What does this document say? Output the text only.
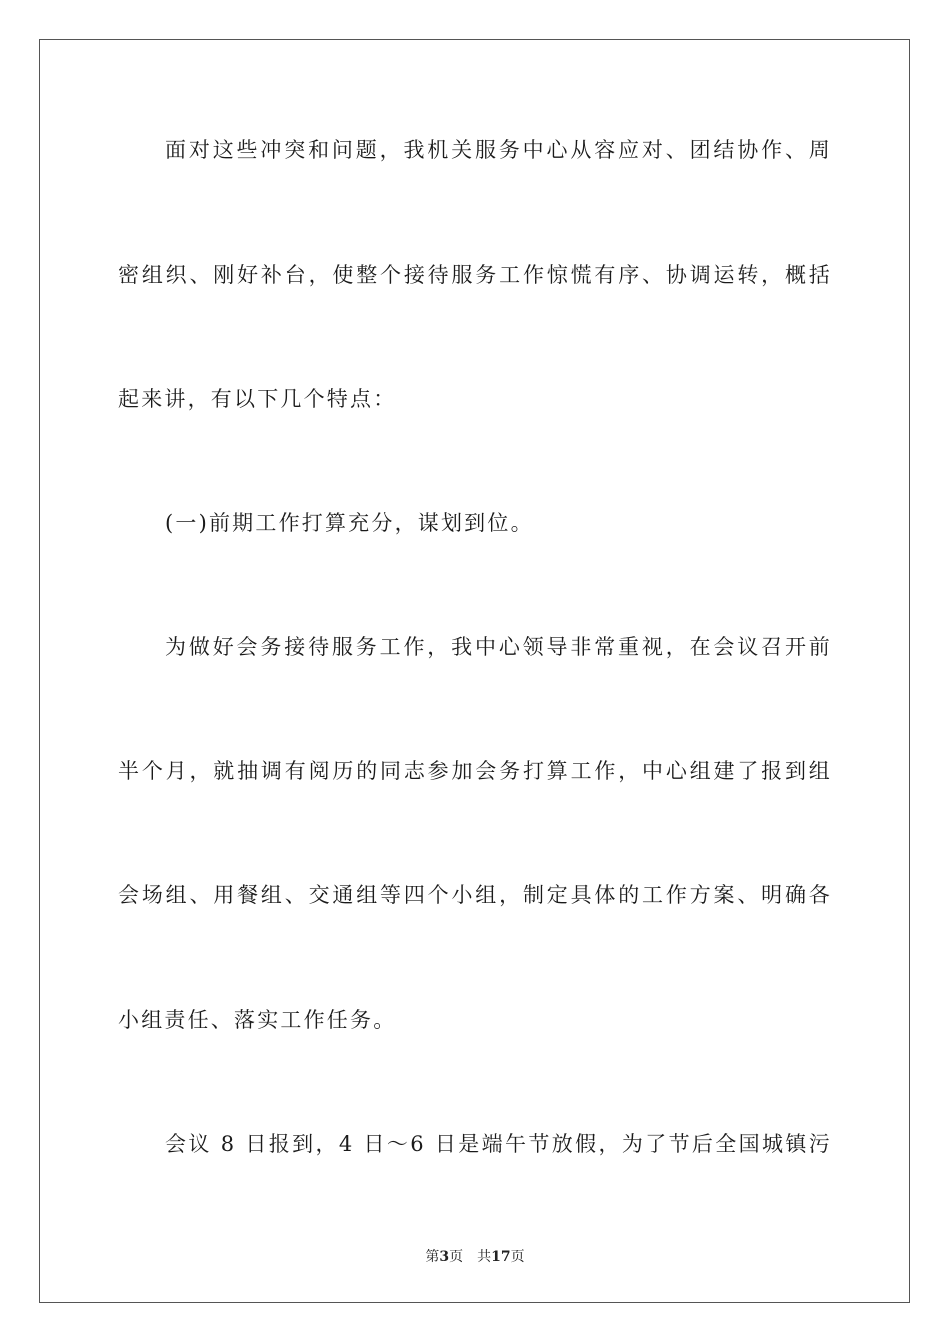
面对这些冲突和问题，我机关服务中心从容应对、团结协作、周
密组织、刚好补台，使整个接待服务工作惊慌有序、协调运转，概括
起来讲，有以下几个特点：
(一)前期工作打算充分，谋划到位。
为做好会务接待服务工作，我中心领导非常重视，在会议召开前
半个月，就抽调有阅历的同志参加会务打算工作，中心组建了报到组
会场组、用餐组、交通组等四个小组，制定具体的工作方案、明确各
小组责任、落实工作任务。
会议 8 日报到，4 日～6 日是端午节放假，为了节后全国城镇污
第3页 共17页
